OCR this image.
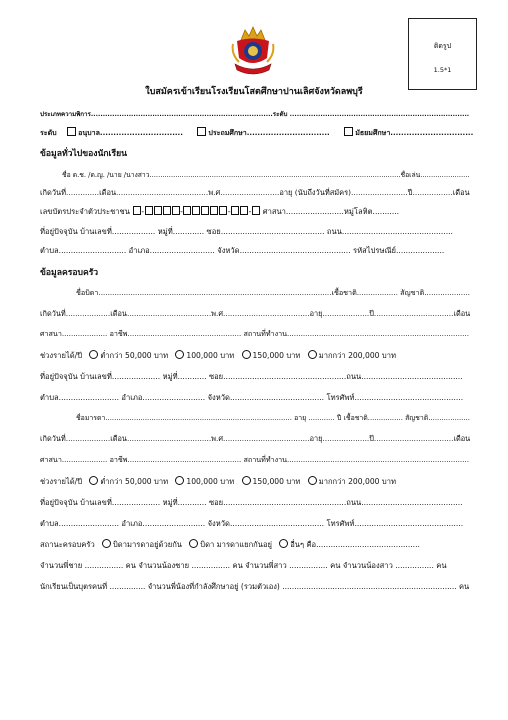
ติดรูป
1.5*1
ใบสมัครเข้าเรียนโรงเรียนโสตศึกษาปานเลิศจังหวัดลพบุรี
ประเภทความพิการ.............................................................................ระดับ ............................................................................
ระดับ	อนุบาล...............................	ประถมศึกษา...............................	มัธยมศึกษา...............................
ข้อมูลทั่วไปของนักเรียน
ชื่อ ด.ช. /ด.ญ. /นาย /นางสาว.....................................................................................................................ชื่อเล่น.......................
เกิดวันที่..............เดือน.......................................พ.ศ.........................อายุ (นับถึงวันที่สมัคร)........................ปี.................เดือน
เลขบัตรประจำตัวประชาชน -	-	- - ศาสนา........................หมู่โลหิต...........
ที่อยู่ปัจจุบัน บ้านเลขที่.................. หมู่ที่............. ซอย........................................... ถนน..............................................
ตำบล............................ อำเภอ........................... จังหวัด.............................................. รหัสไปรษณีย์....................
ข้อมูลครอบครัว
ชื่อบิดา......................................................................................................เชื้อชาติ.................. สัญชาติ....................
เกิดวันที่...................เดือน....................................พ.ศ.....................................อายุ....................ปี..................................เดือน
ศาสนา.................... อาชีพ.................................................. สถานที่ทำงาน................................................................................
ช่วงรายได้/ปี ต่ำกว่า 50,000 บาท 100,000 บาท 150,000 บาท มากกว่า 200,000 บาท
ที่อยู่ปัจจุบัน บ้านเลขที่.................... หมู่ที่............ ซอย...................................................ถนน..........................................
ตำบล......................... อำเภอ.......................... จังหวัด....................................... โทรศัพท์.............................................
ชื่อมารดา..................................................................................... อายุ ............ ปี เชื้อชาติ................ สัญชาติ...................
เกิดวันที่...................เดือน....................................พ.ศ.....................................อายุ....................ปี..................................เดือน
ศาสนา.................... อาชีพ.................................................. สถานที่ทำงาน................................................................................
ช่วงรายได้/ปี ต่ำกว่า 50,000 บาท 100,000 บาท 150,000 บาท มากกว่า 200,000 บาท
ที่อยู่ปัจจุบัน บ้านเลขที่.................... หมู่ที่............ ซอย...................................................ถนน..........................................
ตำบล......................... อำเภอ.......................... จังหวัด....................................... โทรศัพท์.............................................
สถานะครอบครัว บิดามารดาอยู่ด้วยกัน บิดา มารดาแยกกันอยู่ อื่นๆ คือ...........................................
จำนวนพี่ชาย ................ คน จำนวนน้องชาย ................ คน จำนวนพี่สาว ................ คน จำนวนน้องสาว ................ คน
นักเรียนเป็นบุตรคนที่ ............... จำนวนพี่น้องที่กำลังศึกษาอยู่ (รวมตัวเอง) ......................................................................... คน
